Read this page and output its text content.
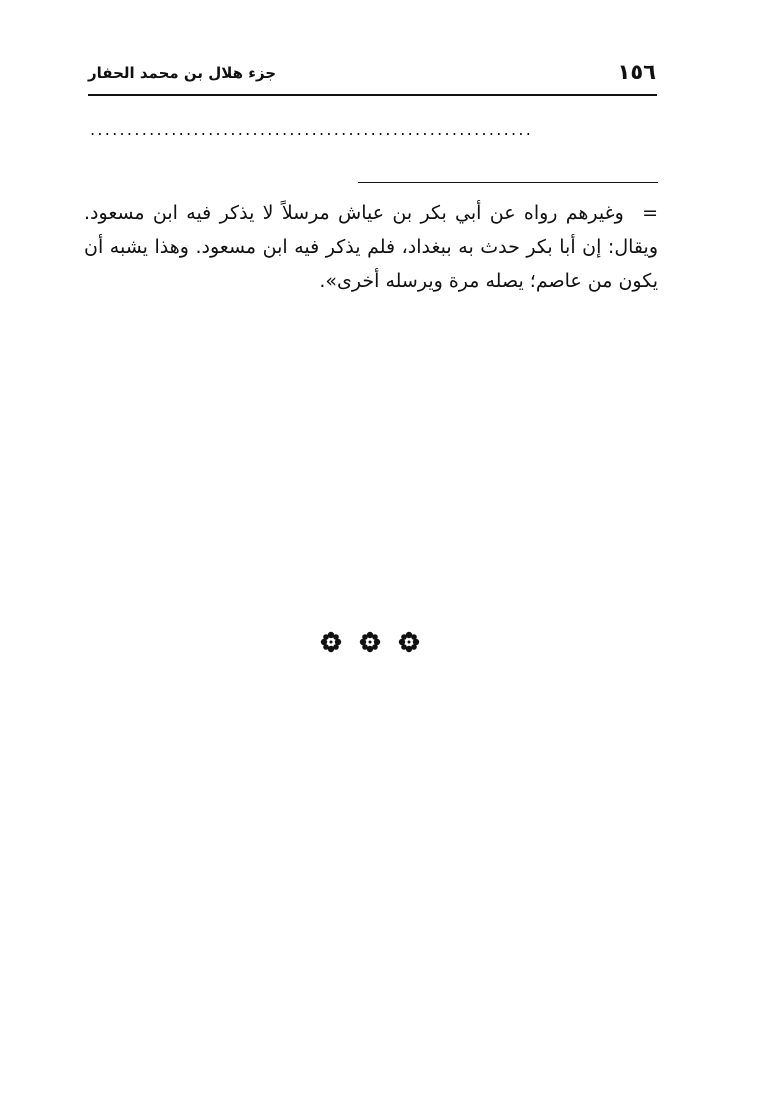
جزء هلال بن محمد الحفار	١٥٦
............................................................

= وغيرهم رواه عن أبي بكر بن عياش مرسلاً لا يذكر فيه ابن مسعود. ويقال: إن أبا بكر حدث به ببغداد، فلم يذكر فيه ابن مسعود. وهذا يشبه أن يكون من عاصم؛ يصله مرة ويرسله أخرى».
